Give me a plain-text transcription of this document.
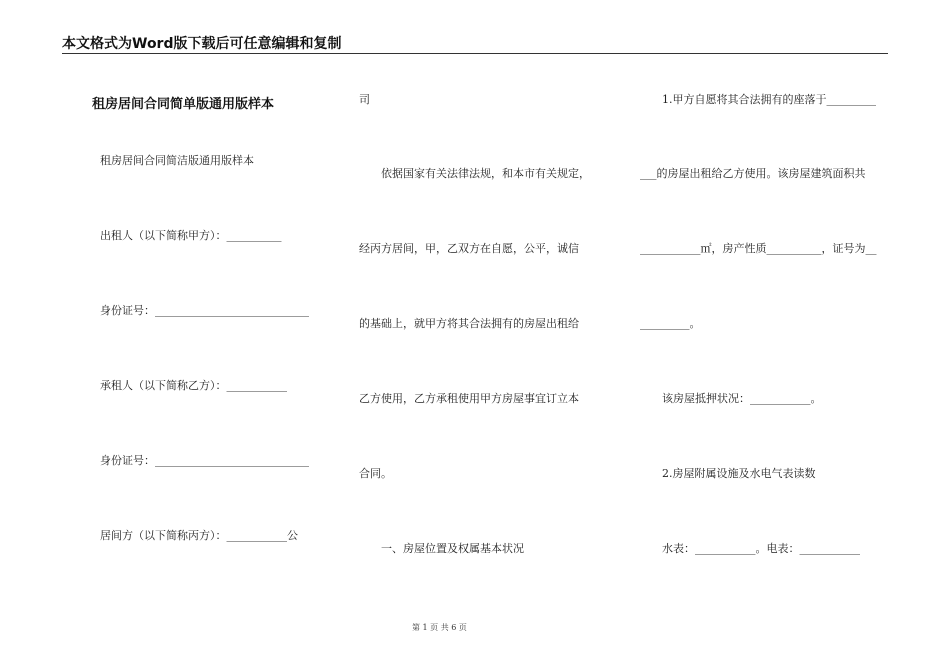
本文格式为Word版下载后可任意编辑和复制
租房居间合同简单版通用版样本
租房居间合同简洁版通用版样本
出租人（以下简称甲方）：__________
身份证号：____________________________
承租人（以下简称乙方）：___________
身份证号：____________________________
居间方（以下简称丙方）：___________公
司
依据国家有关法律法规，和本市有关规定，
经丙方居间，甲，乙双方在自愿，公平，诚信
的基础上，就甲方将其合法拥有的房屋出租给
乙方使用，乙方承租使用甲方房屋事宜订立本
合同。
一、房屋位置及权属基本状况
1.甲方自愿将其合法拥有的座落于_________
___的房屋出租给乙方使用。该房屋建筑面积共
___________㎡，房产性质__________，证号为__
_________。
该房屋抵押状况：___________。
2.房屋附属设施及水电气表读数
水表：___________。电表：___________
第 1 页 共 6 页
